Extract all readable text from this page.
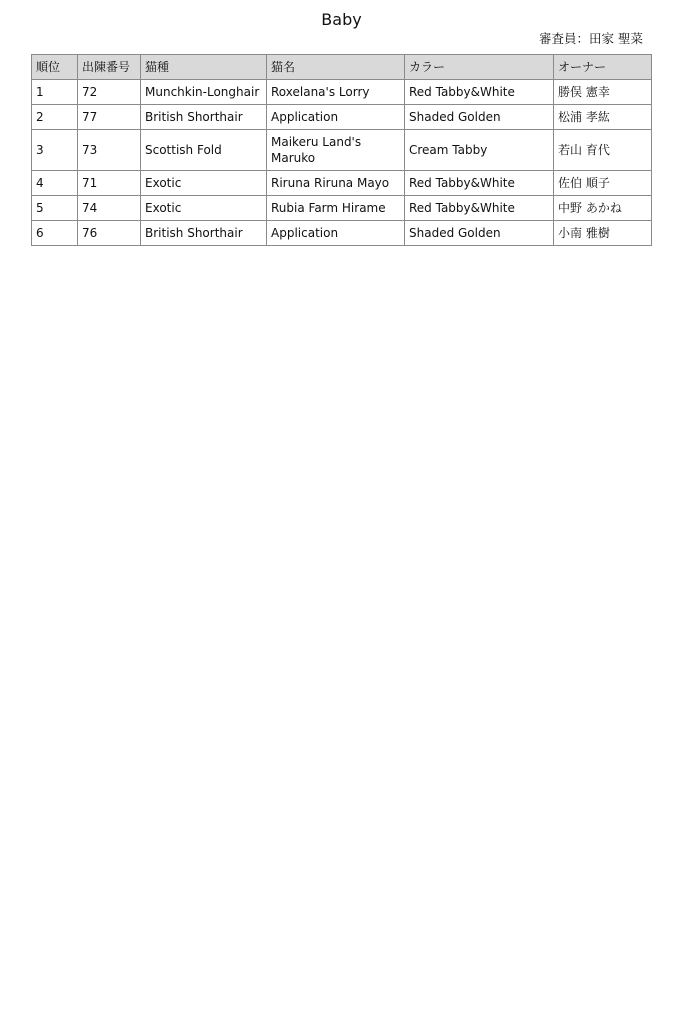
Baby
審査員：田家 聖菜
順位	出陳番号	猫種	猫名	カラー	オーナー
1	72	Munchkin-Longhair	Roxelana's Lorry	Red Tabby&White	勝俣 憲幸
2	77	British Shorthair	Application	Shaded Golden	松浦 孝紘
3	73	Scottish Fold	Maikeru Land's Maruko	Cream Tabby	若山 育代
4	71	Exotic	Riruna Riruna Mayo	Red Tabby&White	佐伯 順子
5	74	Exotic	Rubia Farm Hirame	Red Tabby&White	中野 あかね
6	76	British Shorthair	Application	Shaded Golden	小南 雅樹
